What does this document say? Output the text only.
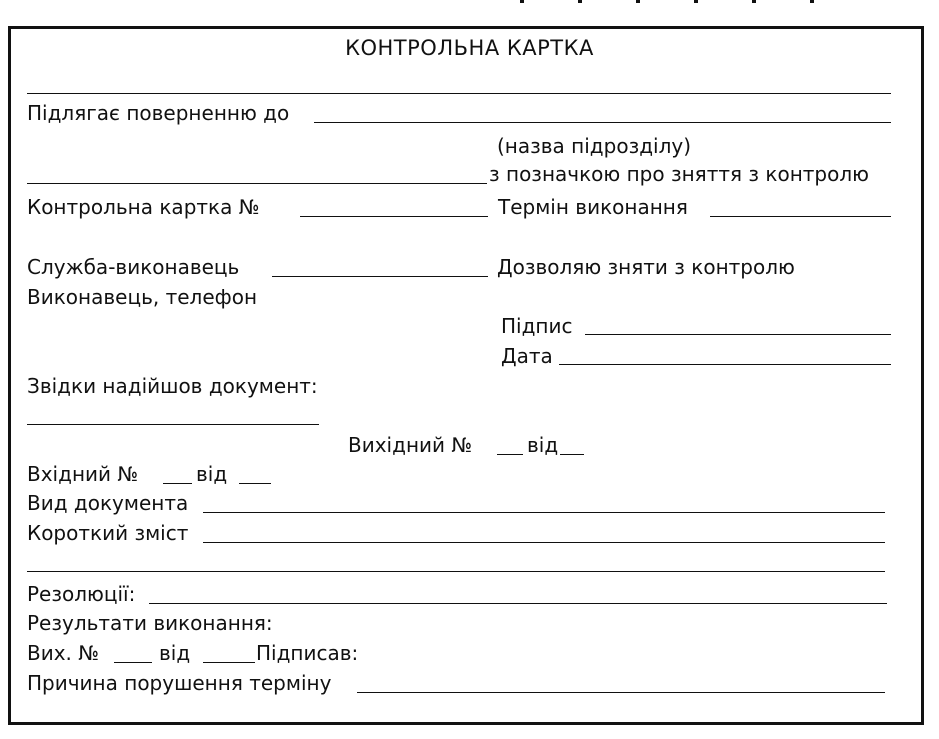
КОНТРОЛЬНА КАРТКА
Підлягає поверненню до
(назва підрозділу)
з позначкою про зняття з контролю
Контрольна картка №	Термін виконання
Служба-виконавець	Дозволяю зняти з контролю
Виконавець, телефон
Підпис
Дата
Звідки надійшов документ:
Вихідний №	від
Вхідний №	від
Вид документа
Короткий зміст
Резолюції:
Результати виконання:
Вих. №	від	Підписав:
Причина порушення терміну
